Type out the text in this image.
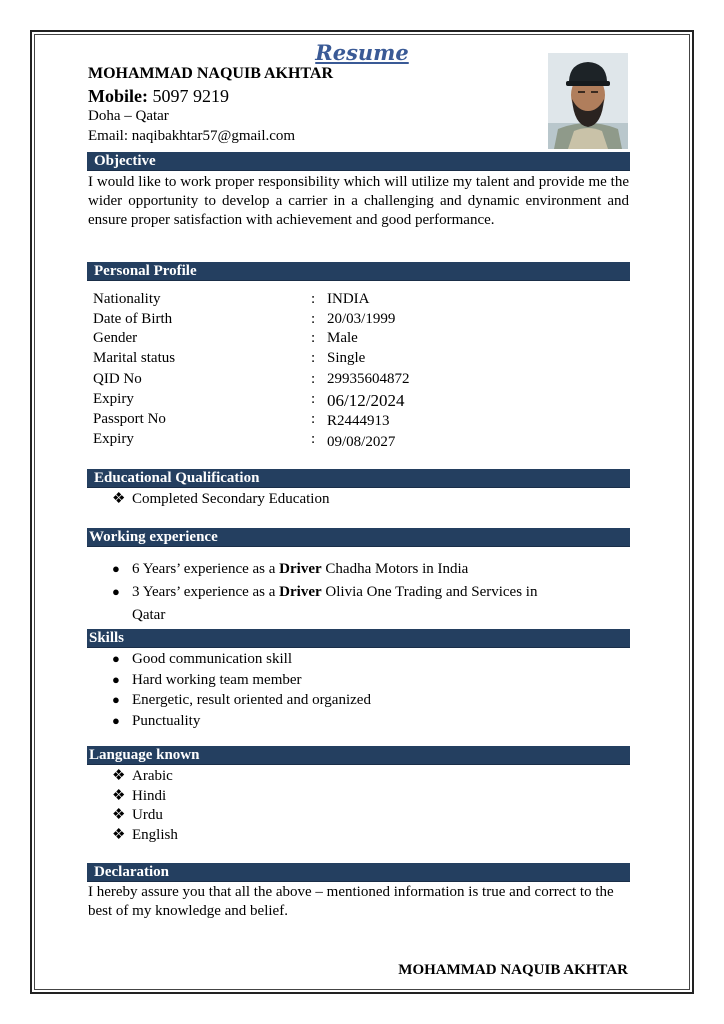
Resume
MOHAMMAD NAQUIB AKHTAR
Mobile: 5097 9219
Doha – Qatar
Email: naqibakhtar57@gmail.com
Objective
I would like to work proper responsibility which will utilize my talent and provide me the wider opportunity to develop a carrier in a challenging and dynamic environment and ensure proper satisfaction with achievement and good performance.
Personal Profile
Nationality	: INDIA
Date of Birth	: 20/03/1999
Gender	: Male
Marital status	: Single
QID No	: 29935604872
Expiry	: 06/12/2024
Passport No	: R2444913
Expiry	: 09/08/2027
Educational Qualification
❖ Completed Secondary Education
Working experience
● 6 Years’ experience as a Driver Chadha Motors in India
● 3 Years’ experience as a Driver Olivia One Trading and Services in
Qatar
Skills
● Good communication skill
● Hard working team member
● Energetic, result oriented and organized
● Punctuality
Language known
❖ Arabic
❖ Hindi
❖ Urdu
❖ English
Declaration
I hereby assure you that all the above – mentioned information is true and correct to the best of my knowledge and belief.
MOHAMMAD NAQUIB AKHTAR
